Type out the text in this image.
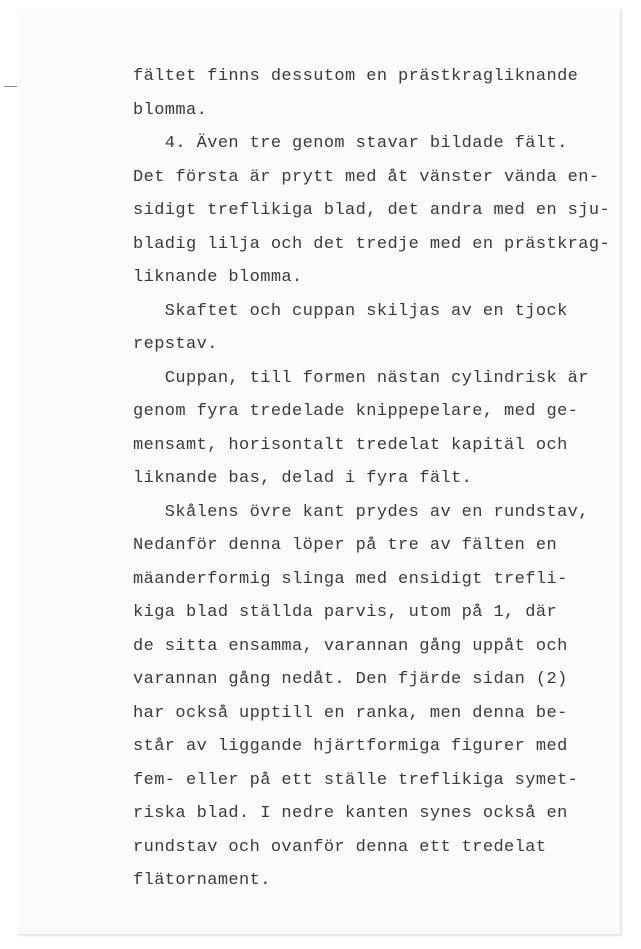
fältet finns dessutom en prästkragliknande
blomma.
4. Även tre genom stavar bildade fält.
Det första är prytt med åt vänster vända en-
sidigt treflikiga blad, det andra med en sju-
bladig lilja och det tredje med en prästkrag-
liknande blomma.
Skaftet och cuppan skiljas av en tjock
repstav.
Cuppan, till formen nästan cylindrisk är
genom fyra tredelade knippepelare, med ge-
mensamt, horisontalt tredelat kapitäl och
liknande bas, delad i fyra fält.
Skålens övre kant prydes av en rundstav,
Nedanför denna löper på tre av fälten en
mäanderformig slinga med ensidigt trefli-
kiga blad ställda parvis, utom på 1, där
de sitta ensamma, varannan gång uppåt och
varannan gång nedåt. Den fjärde sidan (2)
har också upptill en ranka, men denna be-
står av liggande hjärtformiga figurer med
fem- eller på ett ställe treflikiga symet-
riska blad. I nedre kanten synes också en
rundstav och ovanför denna ett tredelat
flätornament.
